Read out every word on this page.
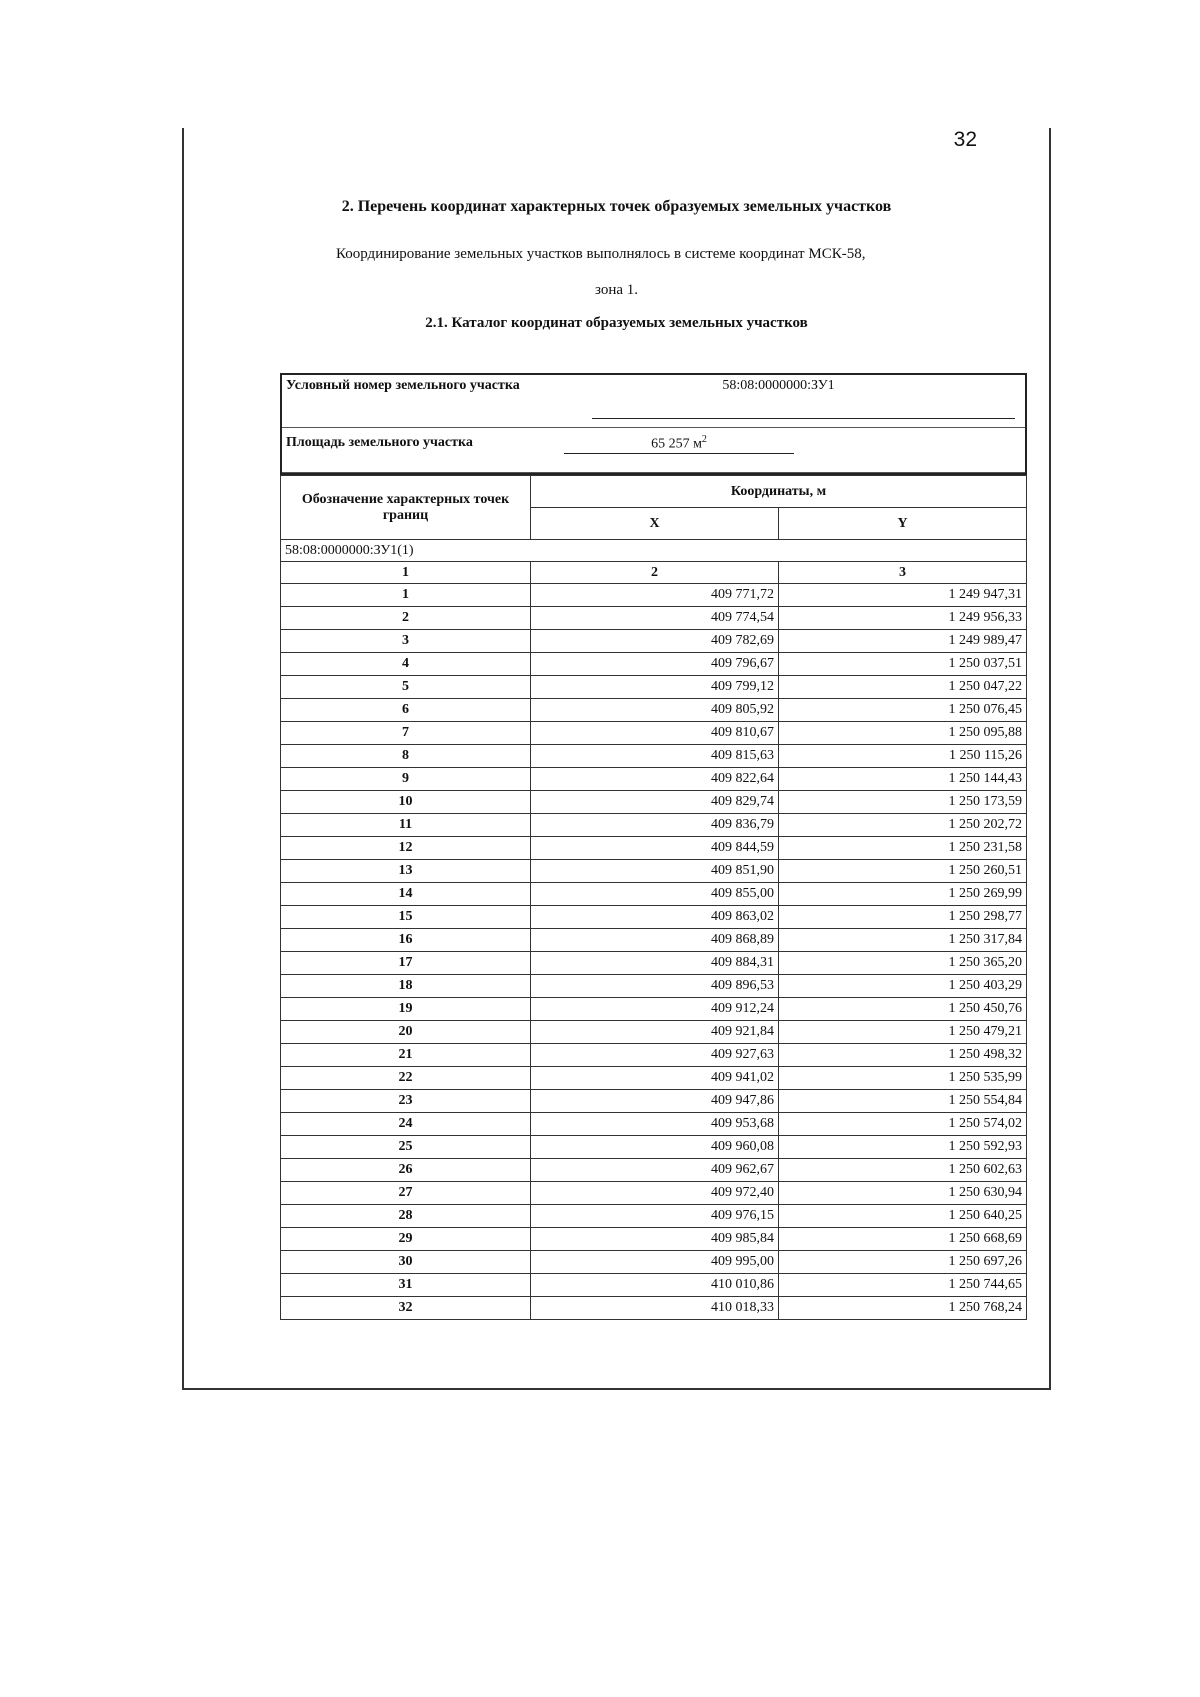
32
2. Перечень координат характерных точек образуемых земельных участков
Координирование земельных участков выполнялось в системе координат МСК-58,
зона 1.
2.1. Каталог координат образуемых земельных участков
Условный номер земельного участка	58:08:0000000:ЗУ1
Площадь земельного участка	65 257 $м^2$
Обозначение характерных точек границ	Координаты, м	
	X	Y
58:08:0000000:ЗУ1(1)		
1	2	3
1	409 771,72	1 249 947,31
2	409 774,54	1 249 956,33
3	409 782,69	1 249 989,47
4	409 796,67	1 250 037,51
5	409 799,12	1 250 047,22
6	409 805,92	1 250 076,45
7	409 810,67	1 250 095,88
8	409 815,63	1 250 115,26
9	409 822,64	1 250 144,43
10	409 829,74	1 250 173,59
11	409 836,79	1 250 202,72
12	409 844,59	1 250 231,58
13	409 851,90	1 250 260,51
14	409 855,00	1 250 269,99
15	409 863,02	1 250 298,77
16	409 868,89	1 250 317,84
17	409 884,31	1 250 365,20
18	409 896,53	1 250 403,29
19	409 912,24	1 250 450,76
20	409 921,84	1 250 479,21
21	409 927,63	1 250 498,32
22	409 941,02	1 250 535,99
23	409 947,86	1 250 554,84
24	409 953,68	1 250 574,02
25	409 960,08	1 250 592,93
26	409 962,67	1 250 602,63
27	409 972,40	1 250 630,94
28	409 976,15	1 250 640,25
29	409 985,84	1 250 668,69
30	409 995,00	1 250 697,26
31	410 010,86	1 250 744,65
32	410 018,33	1 250 768,24
